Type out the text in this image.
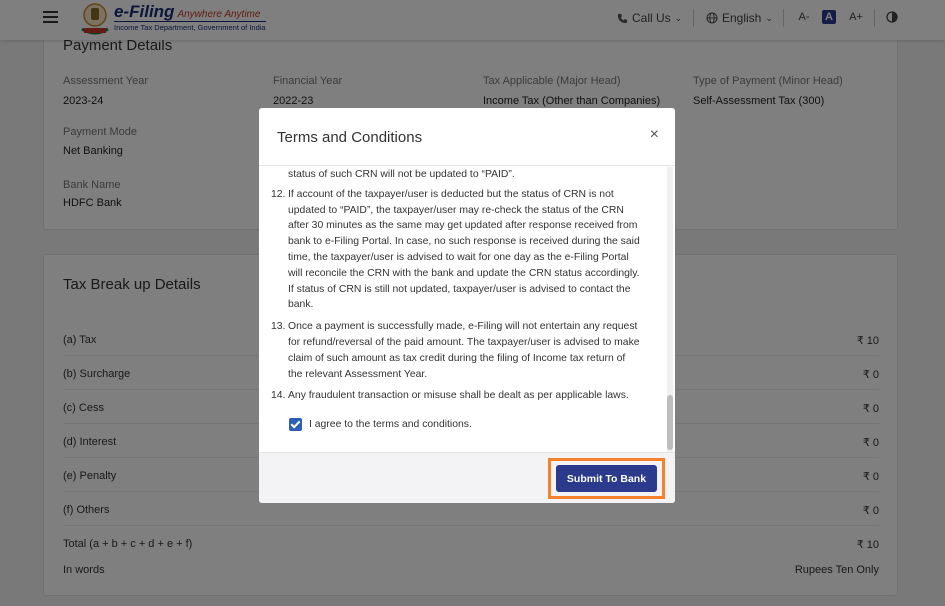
Terms and Conditions	×
status of such CRN will not be updated to “PAID”.
12. If account of the taxpayer/user is deducted but the status of CRN is not updated to “PAID”, the taxpayer/user may re-check the status of the CRN after 30 minutes as the same may get updated after response received from bank to e-Filing Portal. In case, no such response is received during the said time, the taxpayer/user is advised to wait for one day as the e-Filing Portal will reconcile the CRN with the bank and update the CRN status accordingly. If status of CRN is still not updated, taxpayer/user is advised to contact the bank.
13. Once a payment is successfully made, e-Filing will not entertain any request for refund/reversal of the paid amount. The taxpayer/user is advised to make claim of such amount as tax credit during the filing of Income tax return of the relevant Assessment Year.
14. Any fraudulent transaction or misuse shall be dealt as per applicable laws.
I agree to the terms and conditions.
Submit To Bank
